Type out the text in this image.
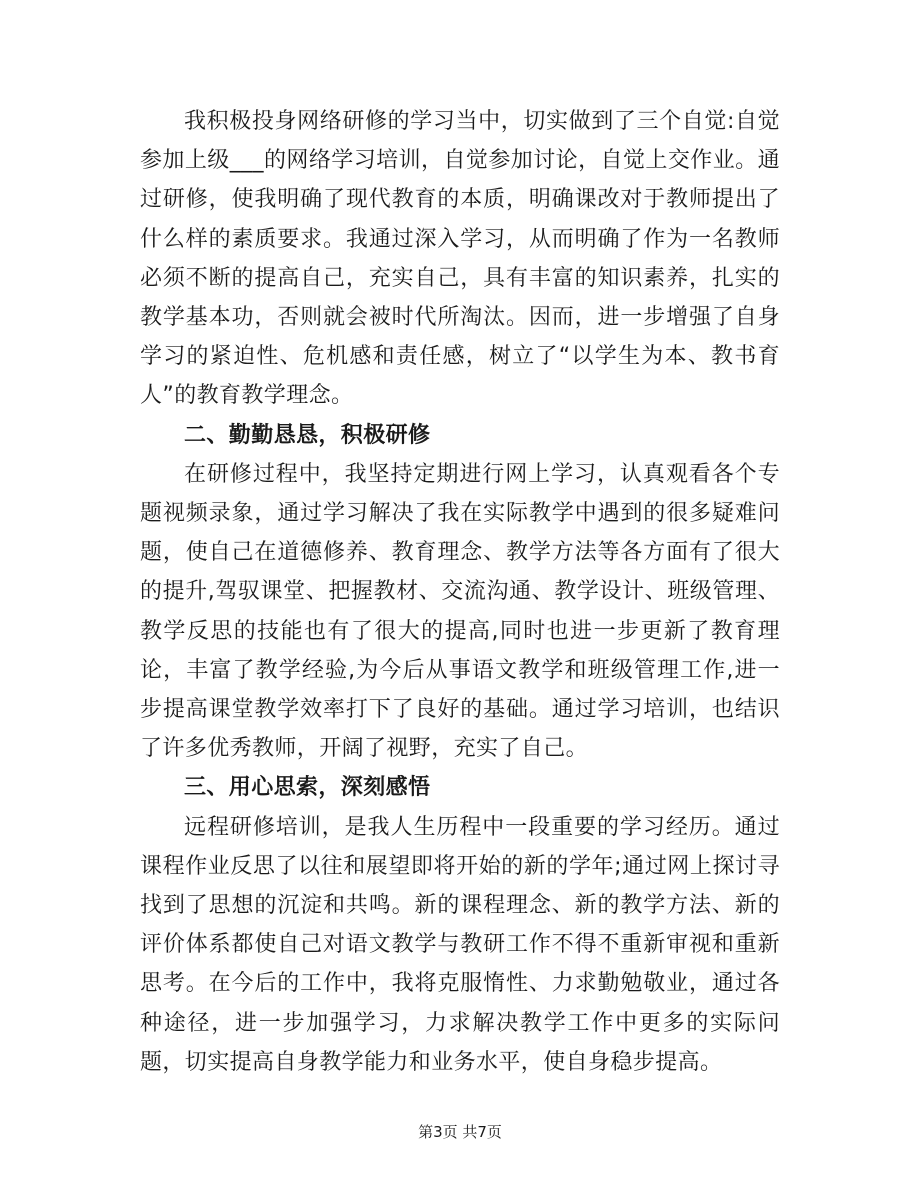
我积极投身网络研修的学习当中，切实做到了三个自觉:自觉参加上级___的网络学习培训，自觉参加讨论，自觉上交作业。通过研修，使我明确了现代教育的本质，明确课改对于教师提出了什么样的素质要求。我通过深入学习，从而明确了作为一名教师必须不断的提高自己，充实自己，具有丰富的知识素养，扎实的教学基本功，否则就会被时代所淘汰。因而，进一步增强了自身学习的紧迫性、危机感和责任感，树立了“以学生为本、教书育人”的教育教学理念。

二、勤勤恳恳，积极研修

在研修过程中，我坚持定期进行网上学习，认真观看各个专题视频录象，通过学习解决了我在实际教学中遇到的很多疑难问题，使自己在道德修养、教育理念、教学方法等各方面有了很大的提升,驾驭课堂、把握教材、交流沟通、教学设计、班级管理、教学反思的技能也有了很大的提高,同时也进一步更新了教育理论，丰富了教学经验,为今后从事语文教学和班级管理工作,进一步提高课堂教学效率打下了良好的基础。通过学习培训，也结识了许多优秀教师，开阔了视野，充实了自己。

三、用心思索，深刻感悟

远程研修培训，是我人生历程中一段重要的学习经历。通过课程作业反思了以往和展望即将开始的新的学年;通过网上探讨寻找到了思想的沉淀和共鸣。新的课程理念、新的教学方法、新的评价体系都使自己对语文教学与教研工作不得不重新审视和重新思考。在今后的工作中，我将克服惰性、力求勤勉敬业，通过各种途径，进一步加强学习，力求解决教学工作中更多的实际问题，切实提高自身教学能力和业务水平，使自身稳步提高。

第3页 共7页
